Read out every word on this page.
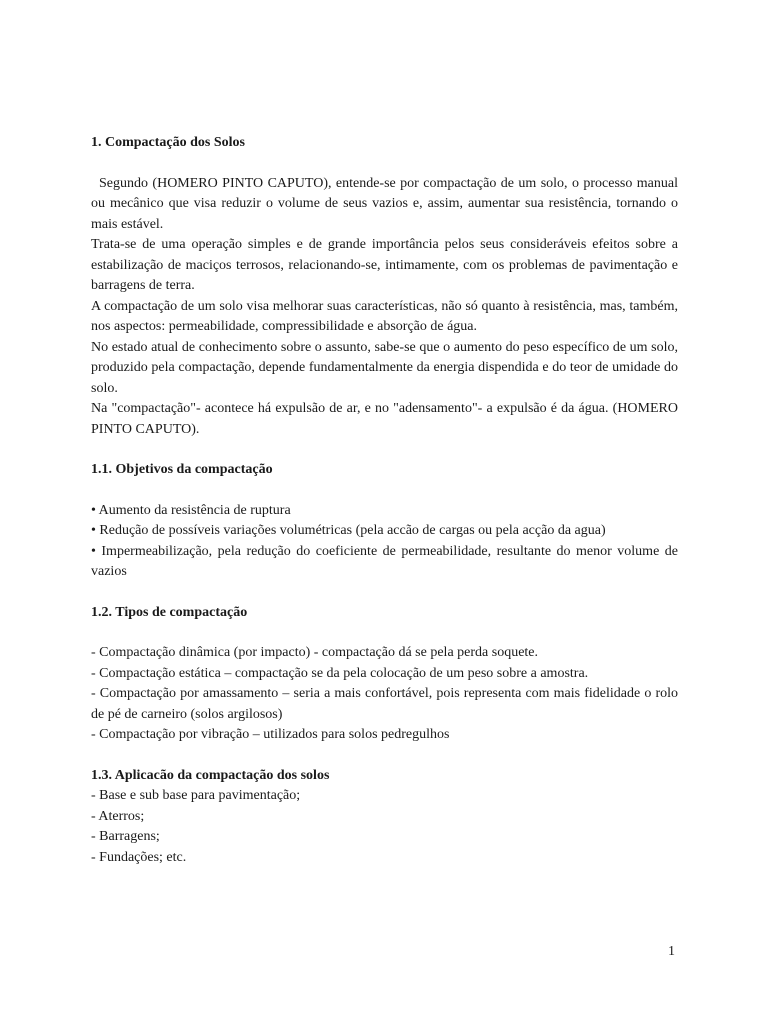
1. Compactação dos Solos

Segundo (HOMERO PINTO CAPUTO), entende-se por compactação de um solo, o processo manual ou mecânico que visa reduzir o volume de seus vazios e, assim, aumentar sua resistência, tornando o mais estável.

Trata-se de uma operação simples e de grande importância pelos seus consideráveis efeitos sobre a estabilização de maciços terrosos, relacionando-se, intimamente, com os problemas de pavimentação e barragens de terra.

A compactação de um solo visa melhorar suas características, não só quanto à resistência, mas, também, nos aspectos: permeabilidade, compressibilidade e absorção de água.

No estado atual de conhecimento sobre o assunto, sabe-se que o aumento do peso específico de um solo, produzido pela compactação, depende fundamentalmente da energia dispendida e do teor de umidade do solo.

Na "compactação"- acontece há expulsão de ar, e no "adensamento"- a expulsão é da água. (HOMERO PINTO CAPUTO).

1.1. Objetivos da compactação

• Aumento da resistência de ruptura

• Redução de possíveis variações volumétricas (pela accão de cargas ou pela acção da agua)

• Impermeabilização, pela redução do coeficiente de permeabilidade, resultante do menor volume de vazios

1.2. Tipos de compactação

- Compactação dinâmica (por impacto) - compactação dá se pela perda soquete.

- Compactação estática – compactação se da pela colocação de um peso sobre a amostra.

- Compactação por amassamento – seria a mais confortável, pois representa com mais fidelidade o rolo de pé de carneiro (solos argilosos)

- Compactação por vibração – utilizados para solos pedregulhos

1.3. Aplicacão da compactação dos solos

- Base e sub base para pavimentação;

- Aterros;

- Barragens;

- Fundações; etc.

1
